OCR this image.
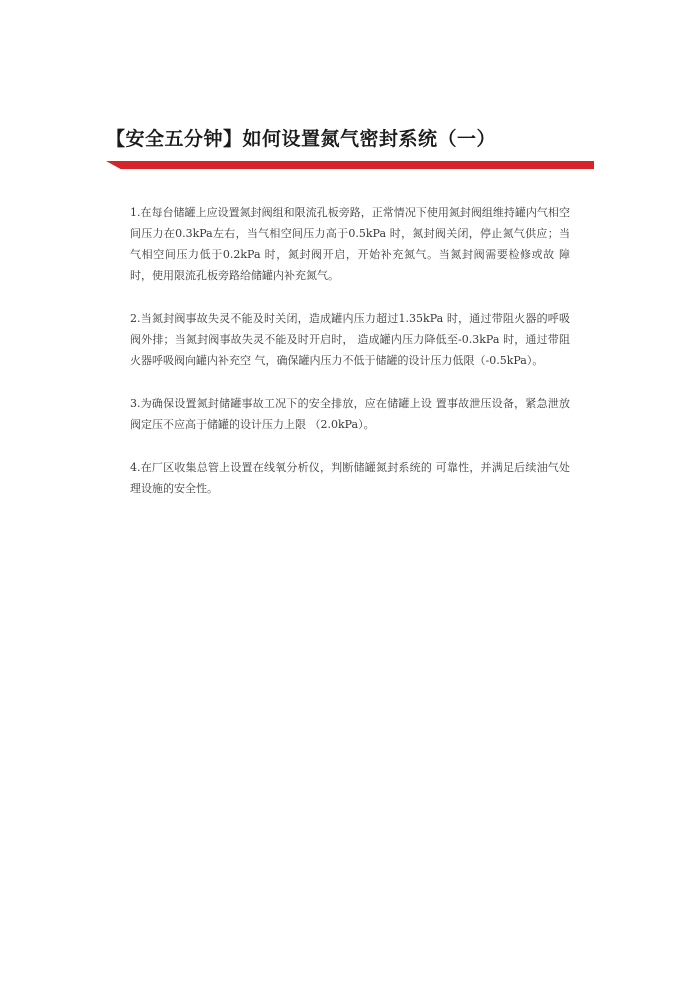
【安全五分钟】如何设置氮气密封系统（一）

1.在每台储罐上应设置氮封阀组和限流孔板旁路，正常情况下使用氮封阀组维持罐内气相空间压力在0.3kPa左右，当气相空间压力高于0.5kPa 时，氮封阀关闭，停止氮气供应；当气相空间压力低于0.2kPa 时，氮封阀开启，开始补充氮气。当氮封阀需要检修或故 障时，使用限流孔板旁路给储罐内补充氮气。

2.当氮封阀事故失灵不能及时关闭，造成罐内压力超过1.35kPa 时，通过带阻火器的呼吸阀外排；当氮封阀事故失灵不能及时开启时， 造成罐内压力降低至-0.3kPa 时，通过带阻火器呼吸阀向罐内补充空 气，确保罐内压力不低于储罐的设计压力低限（-0.5kPa）。

3.为确保设置氮封储罐事故工况下的安全排放，应在储罐上设 置事故泄压设备，紧急泄放阀定压不应高于储罐的设计压力上限 （2.0kPa）。

4.在厂区收集总管上设置在线氧分析仪，判断储罐氮封系统的 可靠性，并满足后续油气处理设施的安全性。
